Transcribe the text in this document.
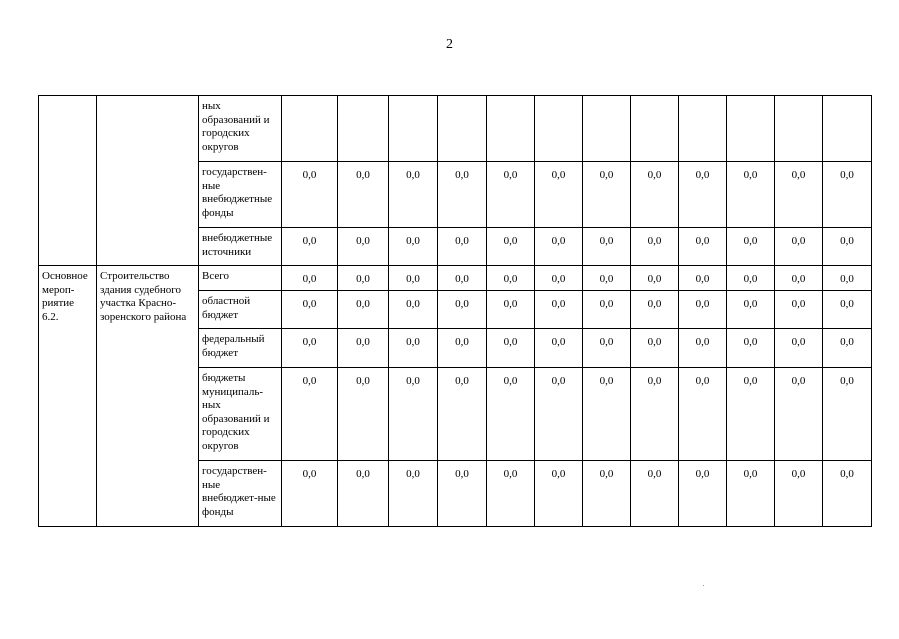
2
		ных образований и городских округов												
		государствен-ные внебюджетные фонды	0,0	0,0	0,0	0,0	0,0	0,0	0,0	0,0	0,0	0,0	0,0	0,0
		внебюджетные источники	0,0	0,0	0,0	0,0	0,0	0,0	0,0	0,0	0,0	0,0	0,0	0,0
Основное мероп-риятие 6.2.	Строительство здания судебного участка Краснозоренского района	Всего	0,0	0,0	0,0	0,0	0,0	0,0	0,0	0,0	0,0	0,0	0,0	0,0
		областной бюджет	0,0	0,0	0,0	0,0	0,0	0,0	0,0	0,0	0,0	0,0	0,0	0,0
		федеральный бюджет	0,0	0,0	0,0	0,0	0,0	0,0	0,0	0,0	0,0	0,0	0,0	0,0
		бюджеты муниципаль-ных образований и городских округов	0,0	0,0	0,0	0,0	0,0	0,0	0,0	0,0	0,0	0,0	0,0	0,0
		государствен-ные внебюджет-ные фонды	0,0	0,0	0,0	0,0	0,0	0,0	0,0	0,0	0,0	0,0	0,0	0,0
